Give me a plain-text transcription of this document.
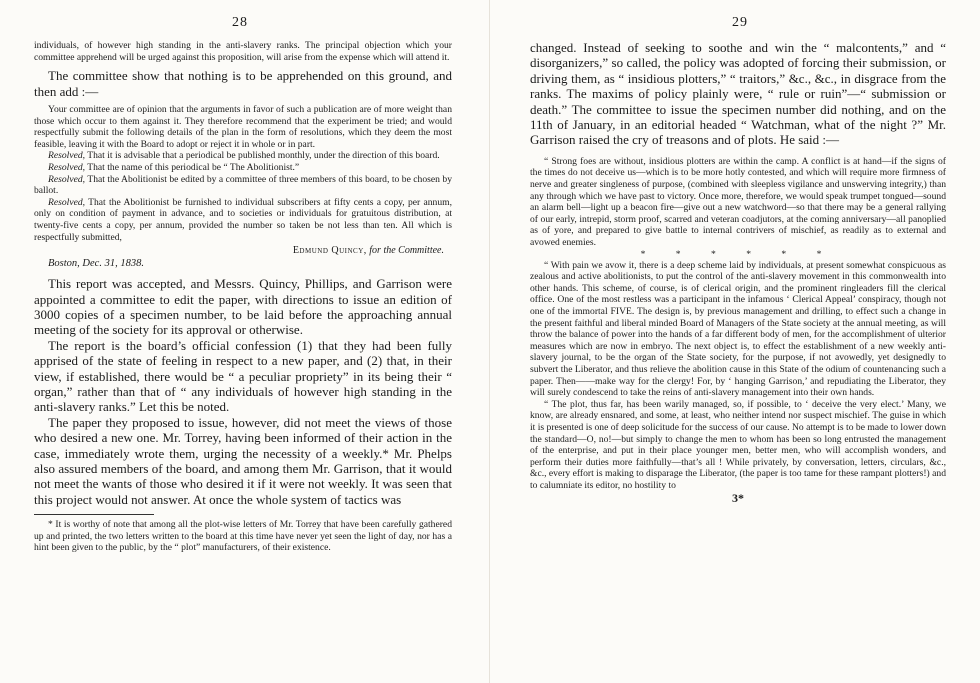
28

individuals, of however high standing in the anti-slavery ranks. The principal objection which your committee apprehend will be urged against this proposition, will arise from the expense which will attend it.

The committee show that nothing is to be apprehended on this ground, and then add :—

Your committee are of opinion that the arguments in favor of such a publication are of more weight than those which occur to them against it. They therefore recommend that the experiment be tried; and would respectfully submit the following details of the plan in the form of resolutions, which they deem the most feasible, leaving it with the Board to adopt or reject it in whole or in part.

Resolved, That it is advisable that a periodical be published monthly, under the direction of this board.

Resolved, That the name of this periodical be “ The Abolitionist.”

Resolved, That the Abolitionist be edited by a committee of three members of this board, to be chosen by ballot.

Resolved, That the Abolitionist be furnished to individual subscribers at fifty cents a copy, per annum, only on condition of payment in advance, and to societies or individuals for gratuitous distribution, at twenty-five cents a copy, per annum, provided the number so taken be not less than ten. All which is respectfully submitted,

Edmund Quincy, for the Committee.

Boston, Dec. 31, 1838.

This report was accepted, and Messrs. Quincy, Phillips, and Garrison were appointed a committee to edit the paper, with directions to issue an edition of 3000 copies of a specimen number, to be laid before the approaching annual meeting of the society for its approval or otherwise.

The report is the board’s official confession (1) that they had been fully apprised of the state of feeling in respect to a new paper, and (2) that, in their view, if established, there would be “ a peculiar propriety” in its being their “ organ,” rather than that of “ any individuals of however high standing in the anti-slavery ranks.” Let this be noted.

The paper they proposed to issue, however, did not meet the views of those who desired a new one. Mr. Torrey, having been informed of their action in the case, immediately wrote them, urging the necessity of a weekly.* Mr. Phelps also assured members of the board, and among them Mr. Garrison, that it would not meet the wants of those who desired it if it were not weekly. It was seen that this project would not answer. At once the whole system of tactics was

* It is worthy of note that among all the plot-wise letters of Mr. Torrey that have been carefully gathered up and printed, the two letters written to the board at this time have never yet seen the light of day, nor has a hint been given to the public, by the “ plot” manufacturers, of their existence.

29

changed. Instead of seeking to soothe and win the “ malcontents,” and “ disorganizers,” so called, the policy was adopted of forcing their submission, or driving them, as “ insidious plotters,” “ traitors,” &c., &c., in disgrace from the ranks. The maxims of policy plainly were, “ rule or ruin”—“ submission or death.” The committee to issue the specimen number did nothing, and on the 11th of January, in an editorial headed “ Watchman, what of the night ?” Mr. Garrison raised the cry of treasons and of plots. He said :—

“ Strong foes are without, insidious plotters are within the camp. A conflict is at hand—if the signs of the times do not deceive us—which is to be more hotly contested, and which will require more firmness of nerve and greater singleness of purpose, (combined with sleepless vigilance and unswerving integrity,) than any through which we have past to victory. Once more, therefore, we would speak trumpet tongued—sound an alarm bell—light up a beacon fire—give out a new watchword—so that there may be a general rallying of our early, intrepid, storm proof, scarred and veteran coadjutors, at the coming anniversary—all panoplied as of yore, and prepared to give battle to internal contrivers of mischief, as readily as to external and avowed enemies.

* * * * * *

“ With pain we avow it, there is a deep scheme laid by individuals, at present somewhat conspicuous as zealous and active abolitionists, to put the control of the anti-slavery movement in this commonwealth into other hands. This scheme, of course, is of clerical origin, and the prominent ringleaders fill the clerical office. One of the most restless was a participant in the infamous ‘ Clerical Appeal’ conspiracy, though not one of the immortal FIVE. The design is, by previous management and drilling, to effect such a change in the present faithful and liberal minded Board of Managers of the State society at the annual meeting, as will throw the balance of power into the hands of a far different body of men, for the accomplishment of ulterior measures which are now in embryo. The next object is, to effect the establishment of a new weekly anti-slavery journal, to be the organ of the State society, for the purpose, if not avowedly, yet designedly to subvert the Liberator, and thus relieve the abolition cause in this State of the odium of countenancing such a paper. Then——make way for the clergy! For, by ‘ hanging Garrison,’ and repudiating the Liberator, they will surely condescend to take the reins of anti-slavery management into their own hands.

“ The plot, thus far, has been warily managed, so, if possible, to ‘ deceive the very elect.’ Many, we know, are already ensnared, and some, at least, who neither intend nor suspect mischief. The guise in which it is presented is one of deep solicitude for the success of our cause. No attempt is to be made to lower down the standard—O, no!—but simply to change the men to whom has been so long entrusted the management of the enterprise, and put in their place younger men, better men, who will accomplish wonders, and perform their duties more faithfully—that’s all ! While privately, by conversation, letters, circulars, &c., &c., every effort is making to disparage the Liberator, (the paper is too tame for these rampant plotters!) and to calumniate its editor, no hostility to

3*
